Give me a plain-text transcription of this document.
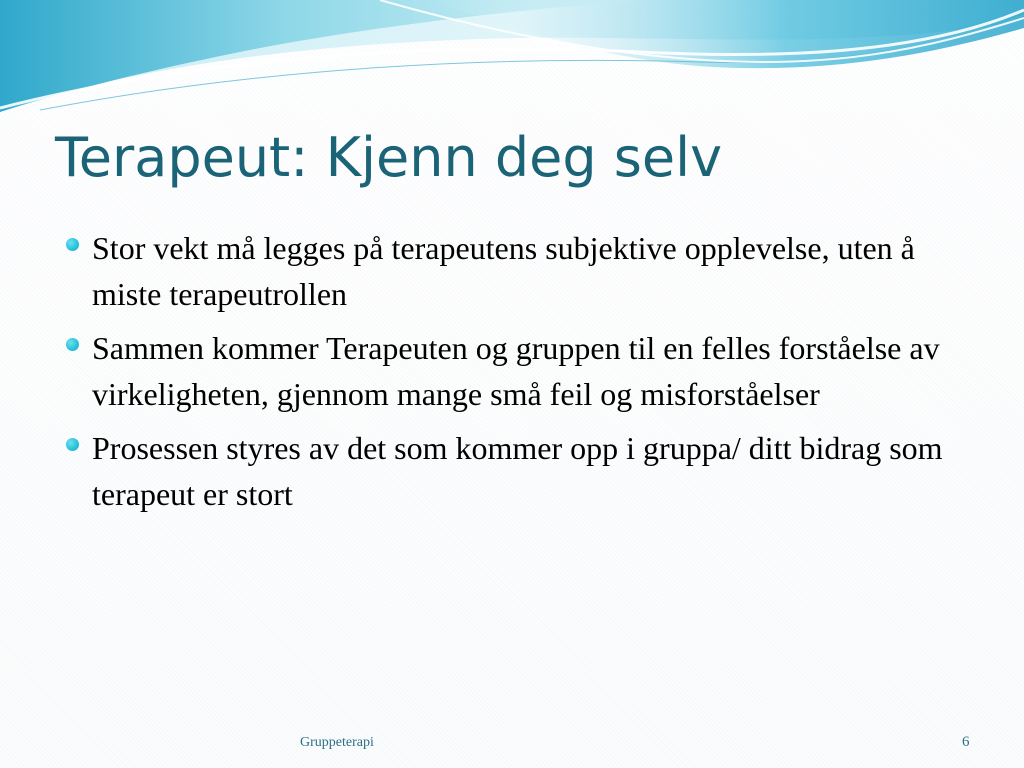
Terapeut: Kjenn deg selv
Stor vekt må legges på terapeutens subjektive opplevelse, uten å miste terapeutrollen
Sammen kommer Terapeuten og gruppen til en felles forståelse av virkeligheten, gjennom mange små feil og misforståelser
Prosessen styres av det som kommer opp i gruppa/ ditt bidrag som terapeut er stort
Gruppeterapi	6
